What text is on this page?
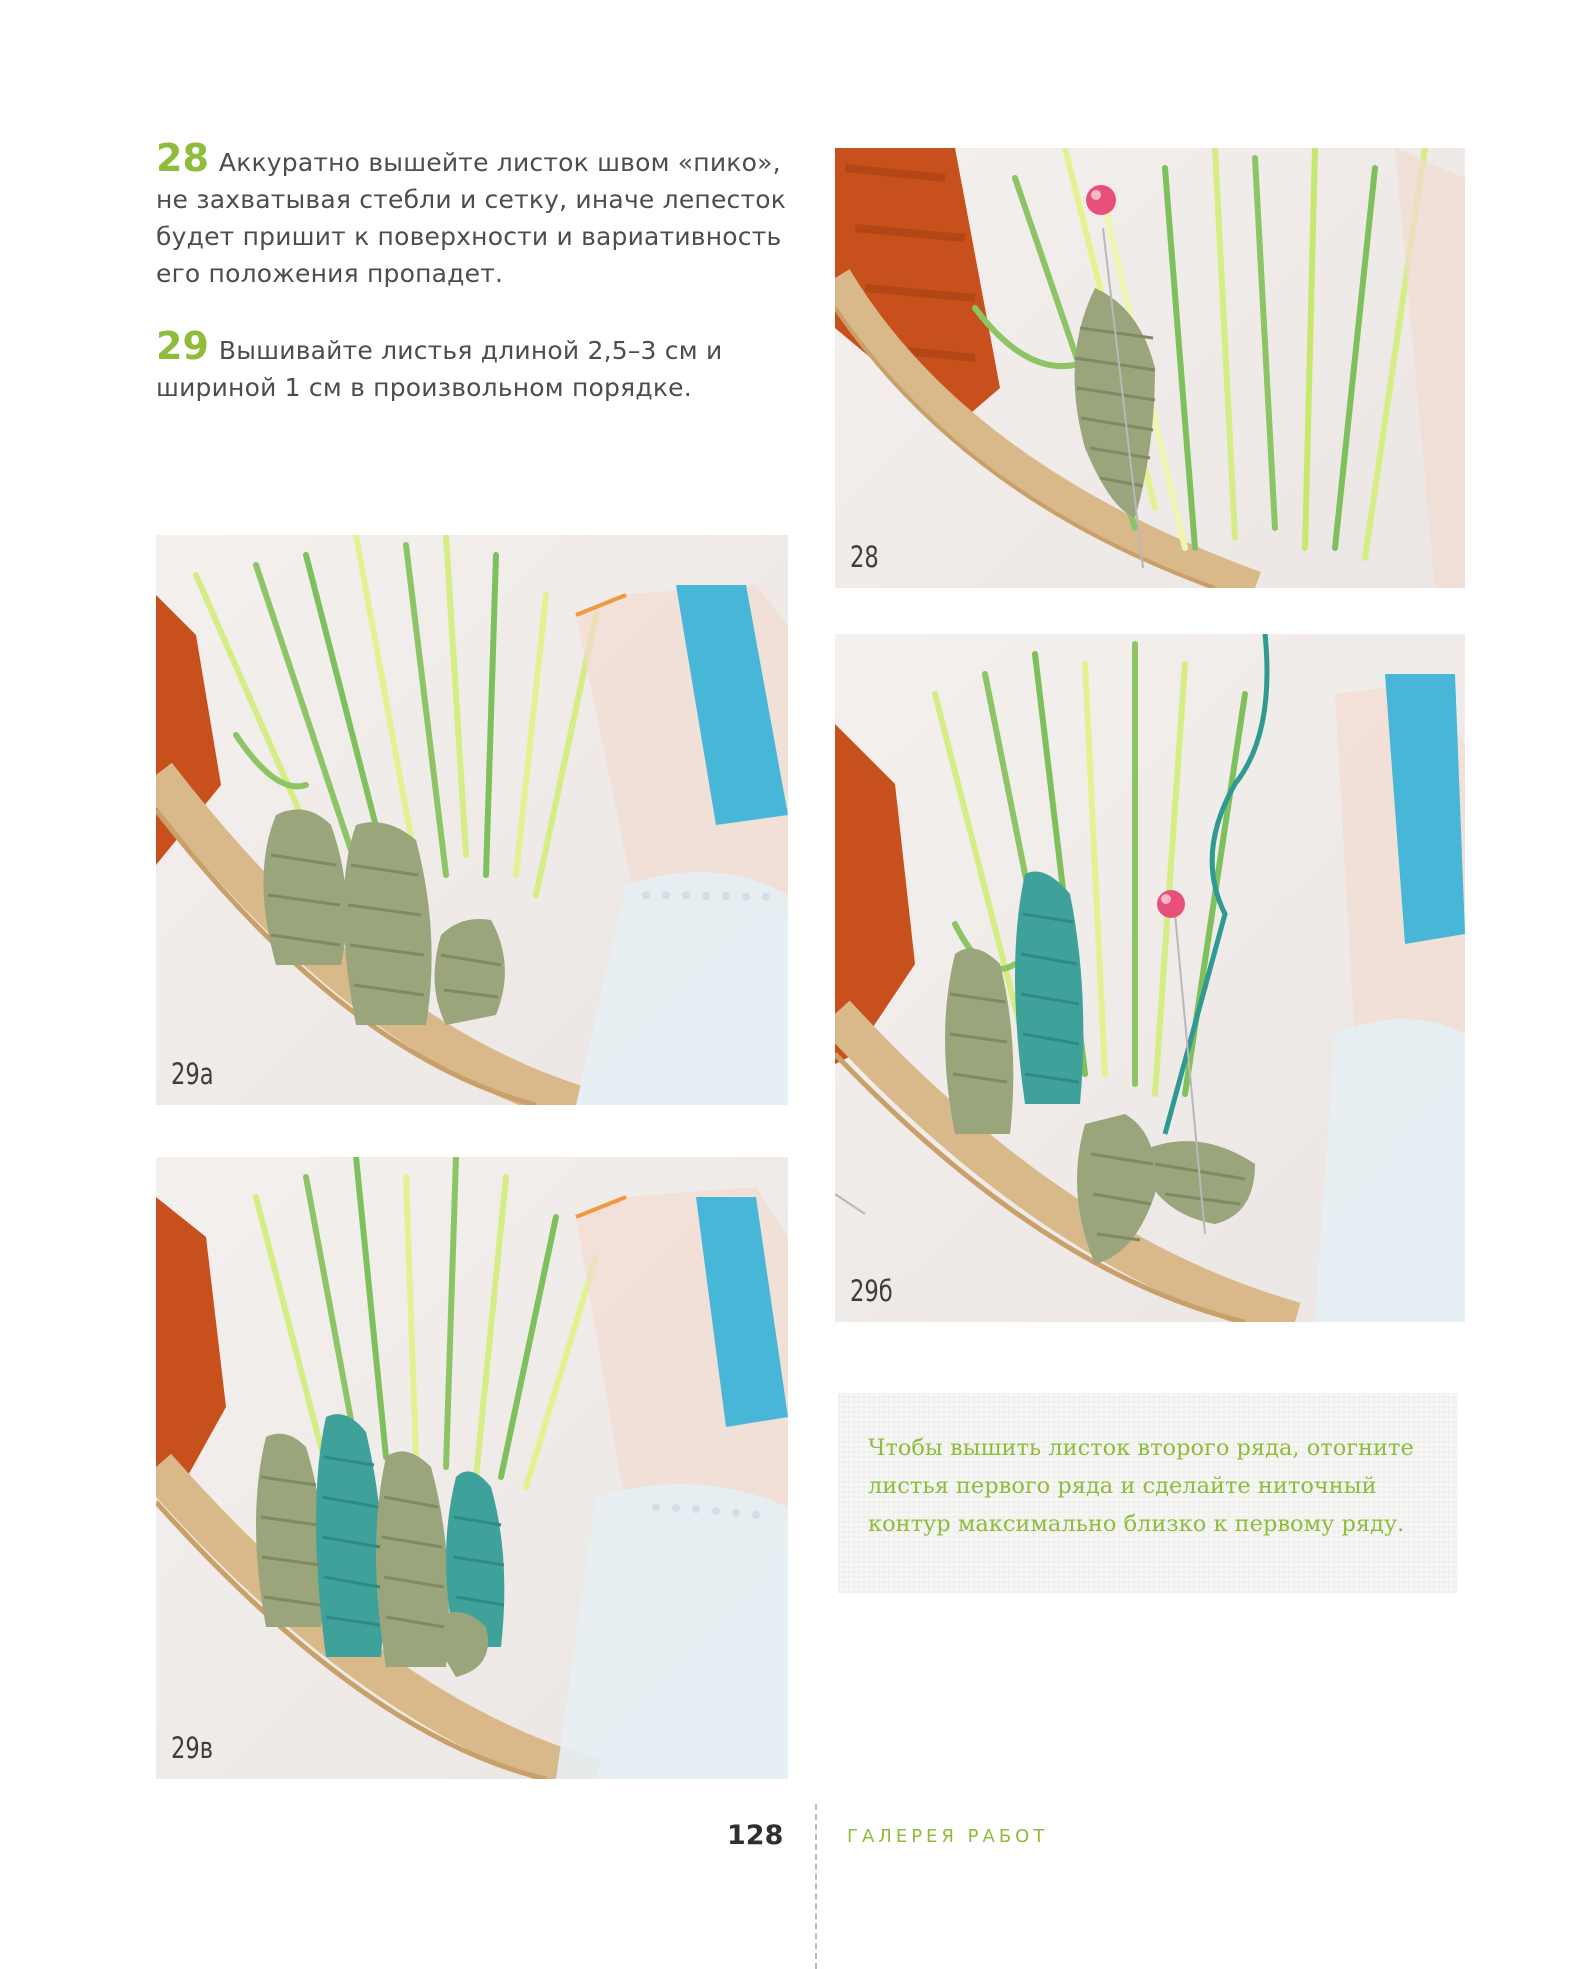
28 Аккуратно вышейте листок швом «пико», не захватывая стебли и сетку, иначе лепесток будет пришит к поверхности и вариативность его положения пропадет.

29 Вышивайте листья длиной 2,5–3 см и шириной 1 см в произвольном порядке.

28
29а
29б
29в

Чтобы вышить листок второго ряда, отогните листья первого ряда и сделайте ниточный контур максимально близко к первому ряду.

128	ГАЛЕРЕЯ РАБОТ
